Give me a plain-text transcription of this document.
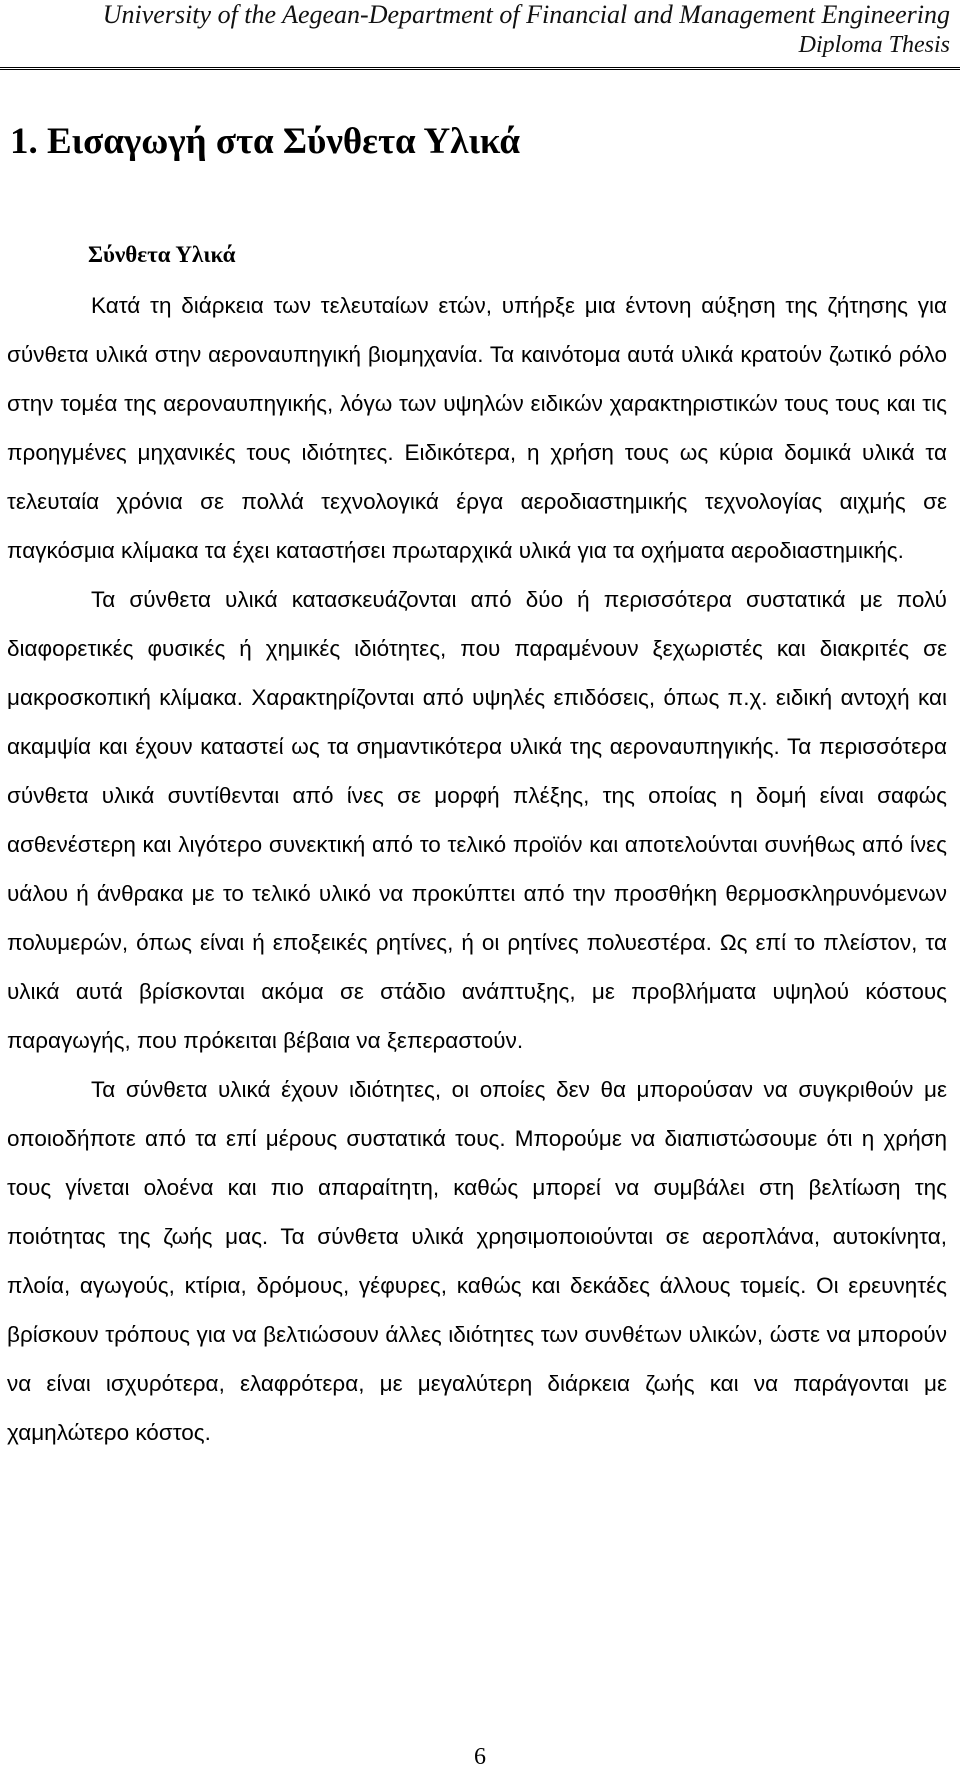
University of the Aegean-Department of Financial and Management Engineering
Diploma Thesis
1. Εισαγωγή στα Σύνθετα Υλικά
Σύνθετα Υλικά

Κατά τη διάρκεια των τελευταίων ετών, υπήρξε μια έντονη αύξηση της ζήτησης για σύνθετα υλικά στην αεροναυπηγική βιομηχανία. Τα καινότομα αυτά υλικά κρατούν ζωτικό ρόλο στην τομέα της αεροναυπηγικής, λόγω των υψηλών ειδικών χαρακτηριστικών τους τους και τις προηγμένες μηχανικές τους ιδιότητες. Ειδικότερα, η χρήση τους ως κύρια δομικά υλικά τα τελευταία χρόνια σε πολλά τεχνολογικά έργα αεροδιαστημικής τεχνολογίας αιχμής σε παγκόσμια κλίμακα τα έχει καταστήσει πρωταρχικά υλικά για τα οχήματα αεροδιαστημικής.

Τα σύνθετα υλικά κατασκευάζονται από δύο ή περισσότερα συστατικά με πολύ διαφορετικές φυσικές ή χημικές ιδιότητες, που παραμένουν ξεχωριστές και διακριτές σε μακροσκοπική κλίμακα. Χαρακτηρίζονται από υψηλές επιδόσεις, όπως π.χ. ειδική αντοχή και ακαμψία και έχουν καταστεί ως τα σημαντικότερα υλικά της αεροναυπηγικής. Τα περισσότερα σύνθετα υλικά συντίθενται από ίνες σε μορφή πλέξης, της οποίας η δομή είναι σαφώς ασθενέστερη και λιγότερο συνεκτική από το τελικό προϊόν και αποτελούνται συνήθως από ίνες υάλου ή άνθρακα με το τελικό υλικό να προκύπτει από την προσθήκη θερμοσκληρυνόμενων πολυμερών, όπως είναι ή εποξεικές ρητίνες, ή οι ρητίνες πολυεστέρα. Ως επί το πλείστον, τα υλικά αυτά βρίσκονται ακόμα σε στάδιο ανάπτυξης, με προβλήματα υψηλού κόστους παραγωγής, που πρόκειται βέβαια να ξεπεραστούν.

Τα σύνθετα υλικά έχουν ιδιότητες, οι οποίες δεν θα μπορούσαν να συγκριθούν με οποιοδήποτε από τα επί μέρους συστατικά τους. Μπορούμε να διαπιστώσουμε ότι η χρήση τους γίνεται ολοένα και πιο απαραίτητη, καθώς μπορεί να συμβάλει στη βελτίωση της ποιότητας της ζωής μας. Τα σύνθετα υλικά χρησιμοποιούνται σε αεροπλάνα, αυτοκίνητα, πλοία, αγωγούς, κτίρια, δρόμους, γέφυρες, καθώς και δεκάδες άλλους τομείς. Οι ερευνητές βρίσκουν τρόπους για να βελτιώσουν άλλες ιδιότητες των συνθέτων υλικών, ώστε να μπορούν να είναι ισχυρότερα, ελαφρότερα, με μεγαλύτερη διάρκεια ζωής και να παράγονται με χαμηλώτερο κόστος.

6
